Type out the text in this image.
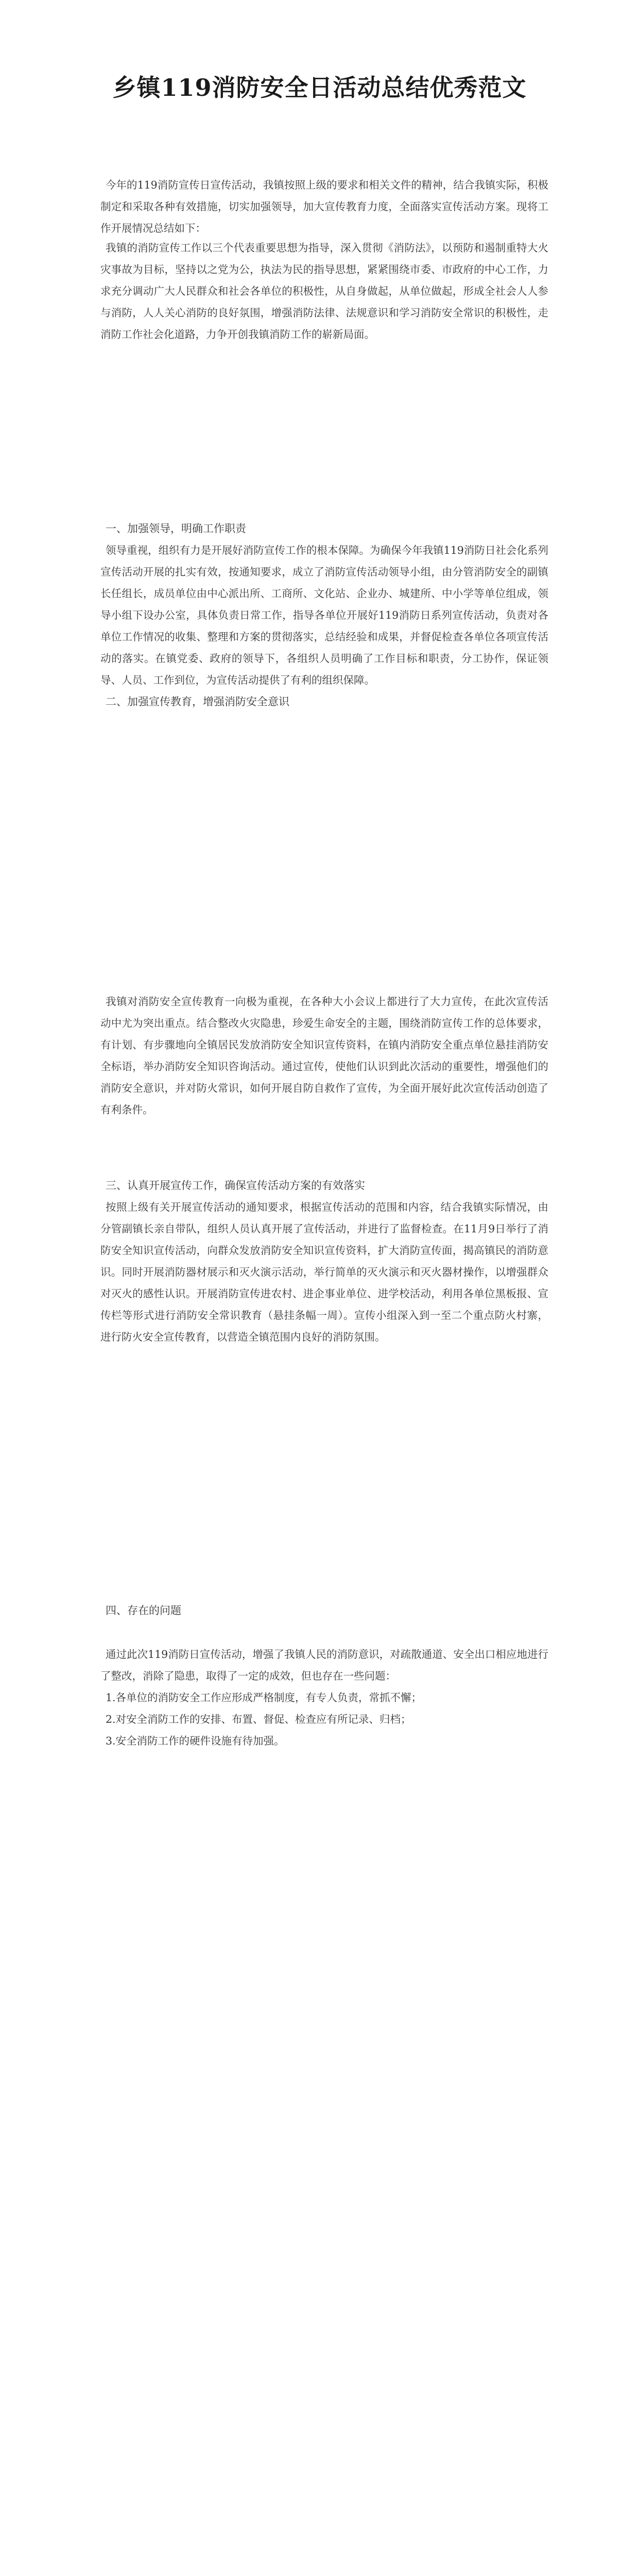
乡镇119消防安全日活动总结优秀范文

今年的119消防宣传日宣传活动，我镇按照上级的要求和相关文件的精神，结合我镇实际，积极制定和采取各种有效措施，切实加强领导，加大宣传教育力度，全面落实宣传活动方案。现将工作开展情况总结如下：

我镇的消防宣传工作以三个代表重要思想为指导，深入贯彻《消防法》，以预防和遏制重特大火灾事故为目标，坚持以之党为公，执法为民的指导思想，紧紧围绕市委、市政府的中心工作，力求充分调动广大人民群众和社会各单位的积极性，从自身做起，从单位做起，形成全社会人人参与消防，人人关心消防的良好氛围，增强消防法律、法规意识和学习消防安全常识的积极性，走消防工作社会化道路，力争开创我镇消防工作的崭新局面。

一、加强领导，明确工作职责

领导重视，组织有力是开展好消防宣传工作的根本保障。为确保今年我镇119消防日社会化系列宣传活动开展的扎实有效，按通知要求，成立了消防宣传活动领导小组，由分管消防安全的副镇长任组长，成员单位由中心派出所、工商所、文化站、企业办、城建所、中小学等单位组成，领导小组下设办公室，具体负责日常工作，指导各单位开展好119消防日系列宣传活动，负责对各单位工作情况的收集、整理和方案的贯彻落实，总结经验和成果，并督促检查各单位各项宣传活动的落实。在镇党委、政府的领导下，各组织人员明确了工作目标和职责，分工协作，保证领导、人员、工作到位，为宣传活动提供了有利的组织保障。

二、加强宣传教育，增强消防安全意识

我镇对消防安全宣传教育一向极为重视，在各种大小会议上都进行了大力宣传，在此次宣传活动中尤为突出重点。结合整改火灾隐患，珍爱生命安全的主题，围绕消防宣传工作的总体要求，有计划、有步骤地向全镇居民发放消防安全知识宣传资料，在镇内消防安全重点单位悬挂消防安全标语，举办消防安全知识咨询活动。通过宣传，使他们认识到此次活动的重要性，增强他们的消防安全意识，并对防火常识，如何开展自防自救作了宣传，为全面开展好此次宣传活动创造了有利条件。

三、认真开展宣传工作，确保宣传活动方案的有效落实

按照上级有关开展宣传活动的通知要求，根据宣传活动的范围和内容，结合我镇实际情况，由分管副镇长亲自带队，组织人员认真开展了宣传活动，并进行了监督检查。在11月9日举行了消防安全知识宣传活动，向群众发放消防安全知识宣传资料，扩大消防宣传面，揭高镇民的消防意识。同时开展消防器材展示和灭火演示活动，举行简单的灭火演示和灭火器材操作，以增强群众对灭火的感性认识。开展消防宣传进农村、进企事业单位、进学校活动，利用各单位黑板报、宣传栏等形式进行消防安全常识教育（悬挂条幅一周）。宣传小组深入到一至二个重点防火村寨，进行防火安全宣传教育，以营造全镇范围内良好的消防氛围。

四、存在的问题

通过此次119消防日宣传活动，增强了我镇人民的消防意识，对疏散通道、安全出口相应地进行了整改，消除了隐患，取得了一定的成效，但也存在一些问题：

1.各单位的消防安全工作应形成严格制度，有专人负责，常抓不懈；

2.对安全消防工作的安排、布置、督促、检查应有所记录、归档；

3.安全消防工作的硬件设施有待加强。
